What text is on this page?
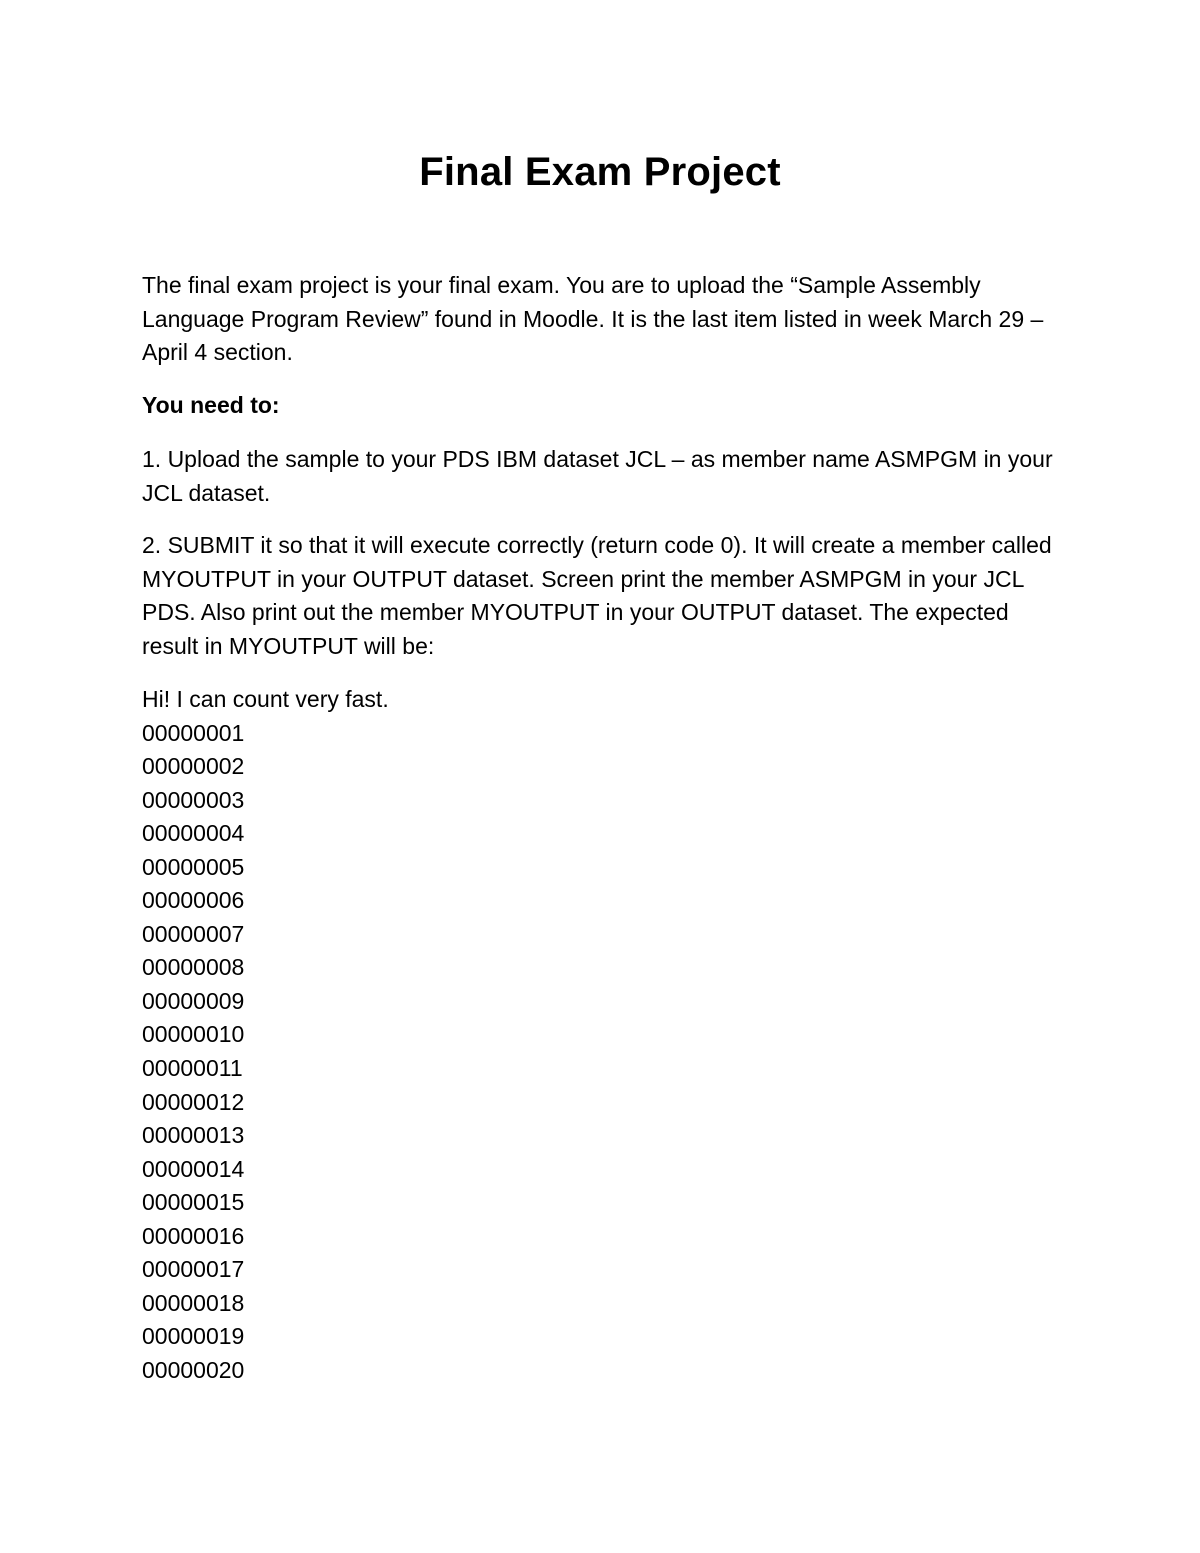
Final Exam Project

The final exam project is your final exam. You are to upload the “Sample Assembly Language Program Review” found in Moodle. It is the last item listed in week March 29 – April 4 section.

You need to:

1. Upload the sample to your PDS IBM dataset JCL – as member name ASMPGM in your JCL dataset.

2. SUBMIT it so that it will execute correctly (return code 0). It will create a member called MYOUTPUT in your OUTPUT dataset. Screen print the member ASMPGM in your JCL PDS. Also print out the member MYOUTPUT in your OUTPUT dataset. The expected result in MYOUTPUT will be:

Hi! I can count very fast.
00000001
00000002
00000003
00000004
00000005
00000006
00000007
00000008
00000009
00000010
00000011
00000012
00000013
00000014
00000015
00000016
00000017
00000018
00000019
00000020
